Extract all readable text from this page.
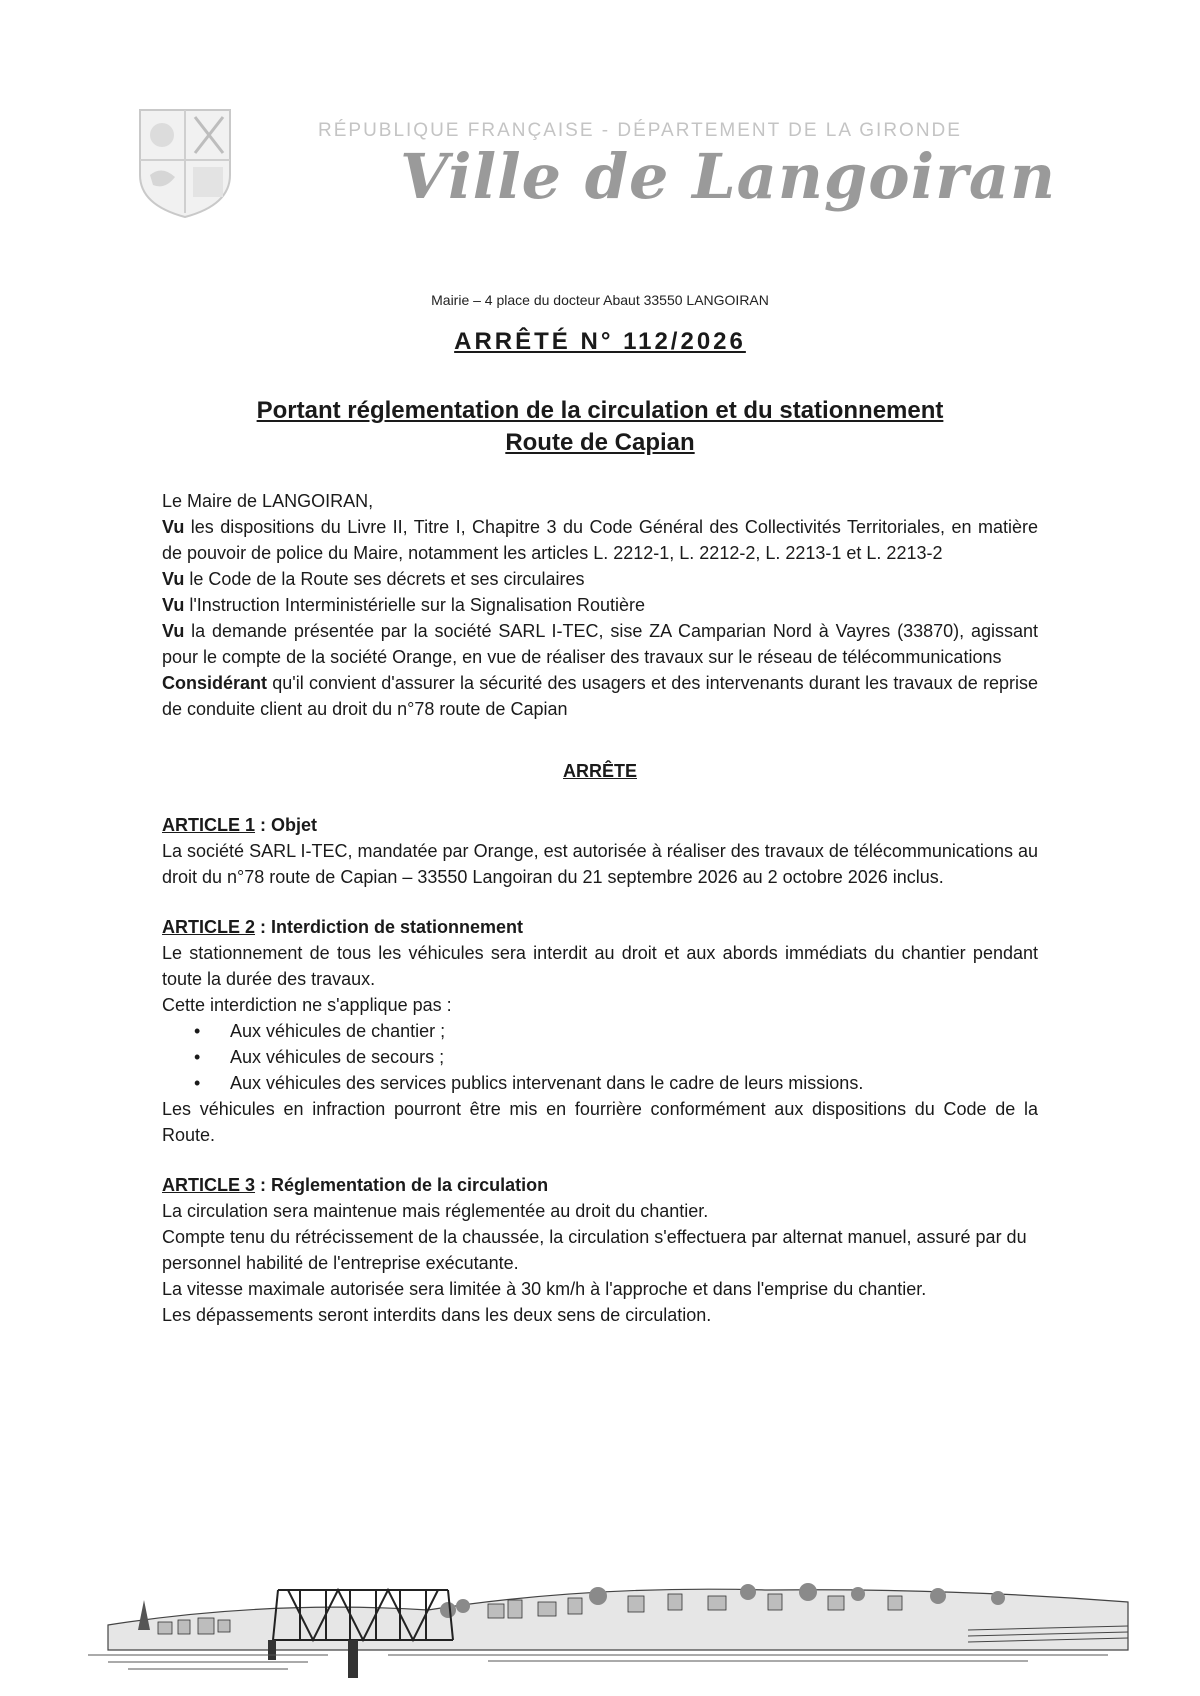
RÉPUBLIQUE FRANÇAISE - DÉPARTEMENT DE LA GIRONDE
Ville de Langoiran
Mairie – 4 place du docteur Abaut 33550 LANGOIRAN
ARRÊTÉ N° 112/2026
Portant réglementation de la circulation et du stationnement
Route de Capian

Le Maire de LANGOIRAN,

Vu les dispositions du Livre II, Titre I, Chapitre 3 du Code Général des Collectivités Territoriales, en matière de pouvoir de police du Maire, notamment les articles L. 2212-1, L. 2212-2, L. 2213-1 et L. 2213-2

Vu le Code de la Route ses décrets et ses circulaires

Vu l'Instruction Interministérielle sur la Signalisation Routière

Vu la demande présentée par la société SARL I-TEC, sise ZA Camparian Nord à Vayres (33870), agissant pour le compte de la société Orange, en vue de réaliser des travaux sur le réseau de télécommunications

Considérant qu'il convient d'assurer la sécurité des usagers et des intervenants durant les travaux de reprise de conduite client au droit du n°78 route de Capian

ARRÊTE

ARTICLE 1 : Objet

La société SARL I-TEC, mandatée par Orange, est autorisée à réaliser des travaux de télécommunications au droit du n°78 route de Capian – 33550 Langoiran du 21 septembre 2026 au 2 octobre 2026 inclus.

ARTICLE 2 : Interdiction de stationnement

Le stationnement de tous les véhicules sera interdit au droit et aux abords immédiats du chantier pendant toute la durée des travaux.

Cette interdiction ne s'applique pas :

• Aux véhicules de chantier ;
• Aux véhicules de secours ;
• Aux véhicules des services publics intervenant dans le cadre de leurs missions.

Les véhicules en infraction pourront être mis en fourrière conformément aux dispositions du Code de la Route.

ARTICLE 3 : Réglementation de la circulation

La circulation sera maintenue mais réglementée au droit du chantier.

Compte tenu du rétrécissement de la chaussée, la circulation s'effectuera par alternat manuel, assuré par du personnel habilité de l'entreprise exécutante.

La vitesse maximale autorisée sera limitée à 30 km/h à l'approche et dans l'emprise du chantier.

Les dépassements seront interdits dans les deux sens de circulation.
